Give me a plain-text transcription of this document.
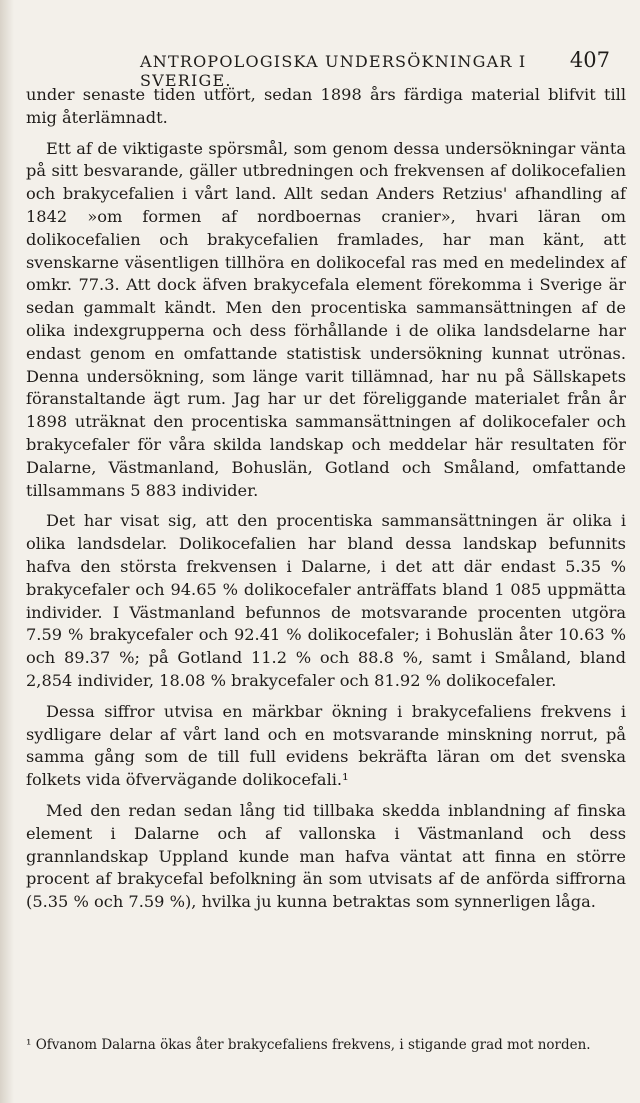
ANTROPOLOGISKA UNDERSÖKNINGAR I SVERIGE.
407

under senaste tiden utfört, sedan 1898 års färdiga material blifvit till mig återlämnadt.

Ett af de viktigaste spörsmål, som genom dessa undersökningar vänta på sitt besvarande, gäller utbredningen och frekvensen af dolikocefalien och brakycefalien i vårt land. Allt sedan Anders Retzius' afhandling af 1842 »om formen af nordboernas cranier», hvari läran om dolikocefalien och brakycefalien framlades, har man känt, att svenskarne väsentligen tillhöra en dolikocefal ras med en medelindex af omkr. 77.3. Att dock äfven brakycefala element förekomma i Sverige är sedan gammalt kändt. Men den procentiska sammansättningen af de olika indexgrupperna och dess förhållande i de olika landsdelarne har endast genom en omfattande statistisk undersökning kunnat utrönas. Denna undersökning, som länge varit tillämnad, har nu på Sällskapets föranstaltande ägt rum. Jag har ur det föreliggande materialet från år 1898 uträknat den procentiska sammansättningen af dolikocefaler och brakycefaler för våra skilda landskap och meddelar här resultaten för Dalarne, Västmanland, Bohuslän, Gotland och Småland, omfattande tillsammans 5 883 individer.

Det har visat sig, att den procentiska sammansättningen är olika i olika landsdelar. Dolikocefalien har bland dessa landskap befunnits hafva den största frekvensen i Dalarne, i det att där endast 5.35 % brakycefaler och 94.65 % dolikocefaler anträffats bland 1 085 uppmätta individer. I Västmanland befunnos de motsvarande procenten utgöra 7.59 % brakycefaler och 92.41 % dolikocefaler; i Bohuslän åter 10.63 % och 89.37 %; på Gotland 11.2 % och 88.8 %, samt i Småland, bland 2,854 individer, 18.08 % brakycefaler och 81.92 % dolikocefaler.

Dessa siffror utvisa en märkbar ökning i brakycefaliens frekvens i sydligare delar af vårt land och en motsvarande minskning norrut, på samma gång som de till full evidens bekräfta läran om det svenska folkets vida öfvervägande dolikocefali.¹

Med den redan sedan lång tid tillbaka skedda inblandning af finska element i Dalarne och af vallonska i Västmanland och dess grannlandskap Uppland kunde man hafva väntat att finna en större procent af brakycefal befolkning än som utvisats af de anförda siffrorna (5.35 % och 7.59 %), hvilka ju kunna betraktas som synnerligen låga.

¹ Ofvanom Dalarna ökas åter brakycefaliens frekvens, i stigande grad mot norden.
